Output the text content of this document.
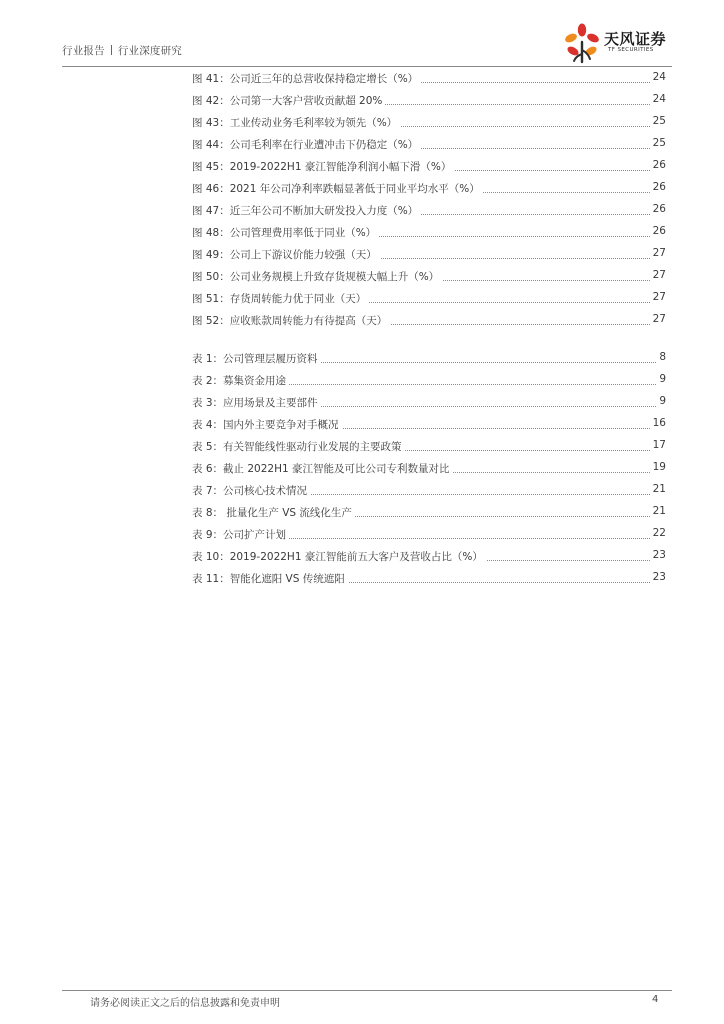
行业报告 行业深度研究
天风证券
TF SECURITIES
图 41：公司近三年的总营收保持稳定增长（%）	24
图 42：公司第一大客户营收贡献超 20%	24
图 43：工业传动业务毛利率较为领先（%）	25
图 44：公司毛利率在行业遭冲击下仍稳定（%）	25
图 45：2019-2022H1 豪江智能净利润小幅下滑（%）	26
图 46：2021 年公司净利率跌幅显著低于同业平均水平（%）	26
图 47：近三年公司不断加大研发投入力度（%）	26
图 48：公司管理费用率低于同业（%）	26
图 49：公司上下游议价能力较强（天）	27
图 50：公司业务规模上升致存货规模大幅上升（%）	27
图 51：存货周转能力优于同业（天）	27
图 52：应收账款周转能力有待提高（天）	27
表 1：公司管理层履历资料	8
表 2：募集资金用途	9
表 3：应用场景及主要部件	9
表 4：国内外主要竞争对手概况	16
表 5：有关智能线性驱动行业发展的主要政策	17
表 6：截止 2022H1 豪江智能及可比公司专利数量对比	19
表 7：公司核心技术情况	21
表 8： 批量化生产 VS 流线化生产	21
表 9：公司扩产计划	22
表 10：2019-2022H1 豪江智能前五大客户及营收占比（%）	23
表 11：智能化遮阳 VS 传统遮阳	23
请务必阅读正文之后的信息披露和免责申明	4
